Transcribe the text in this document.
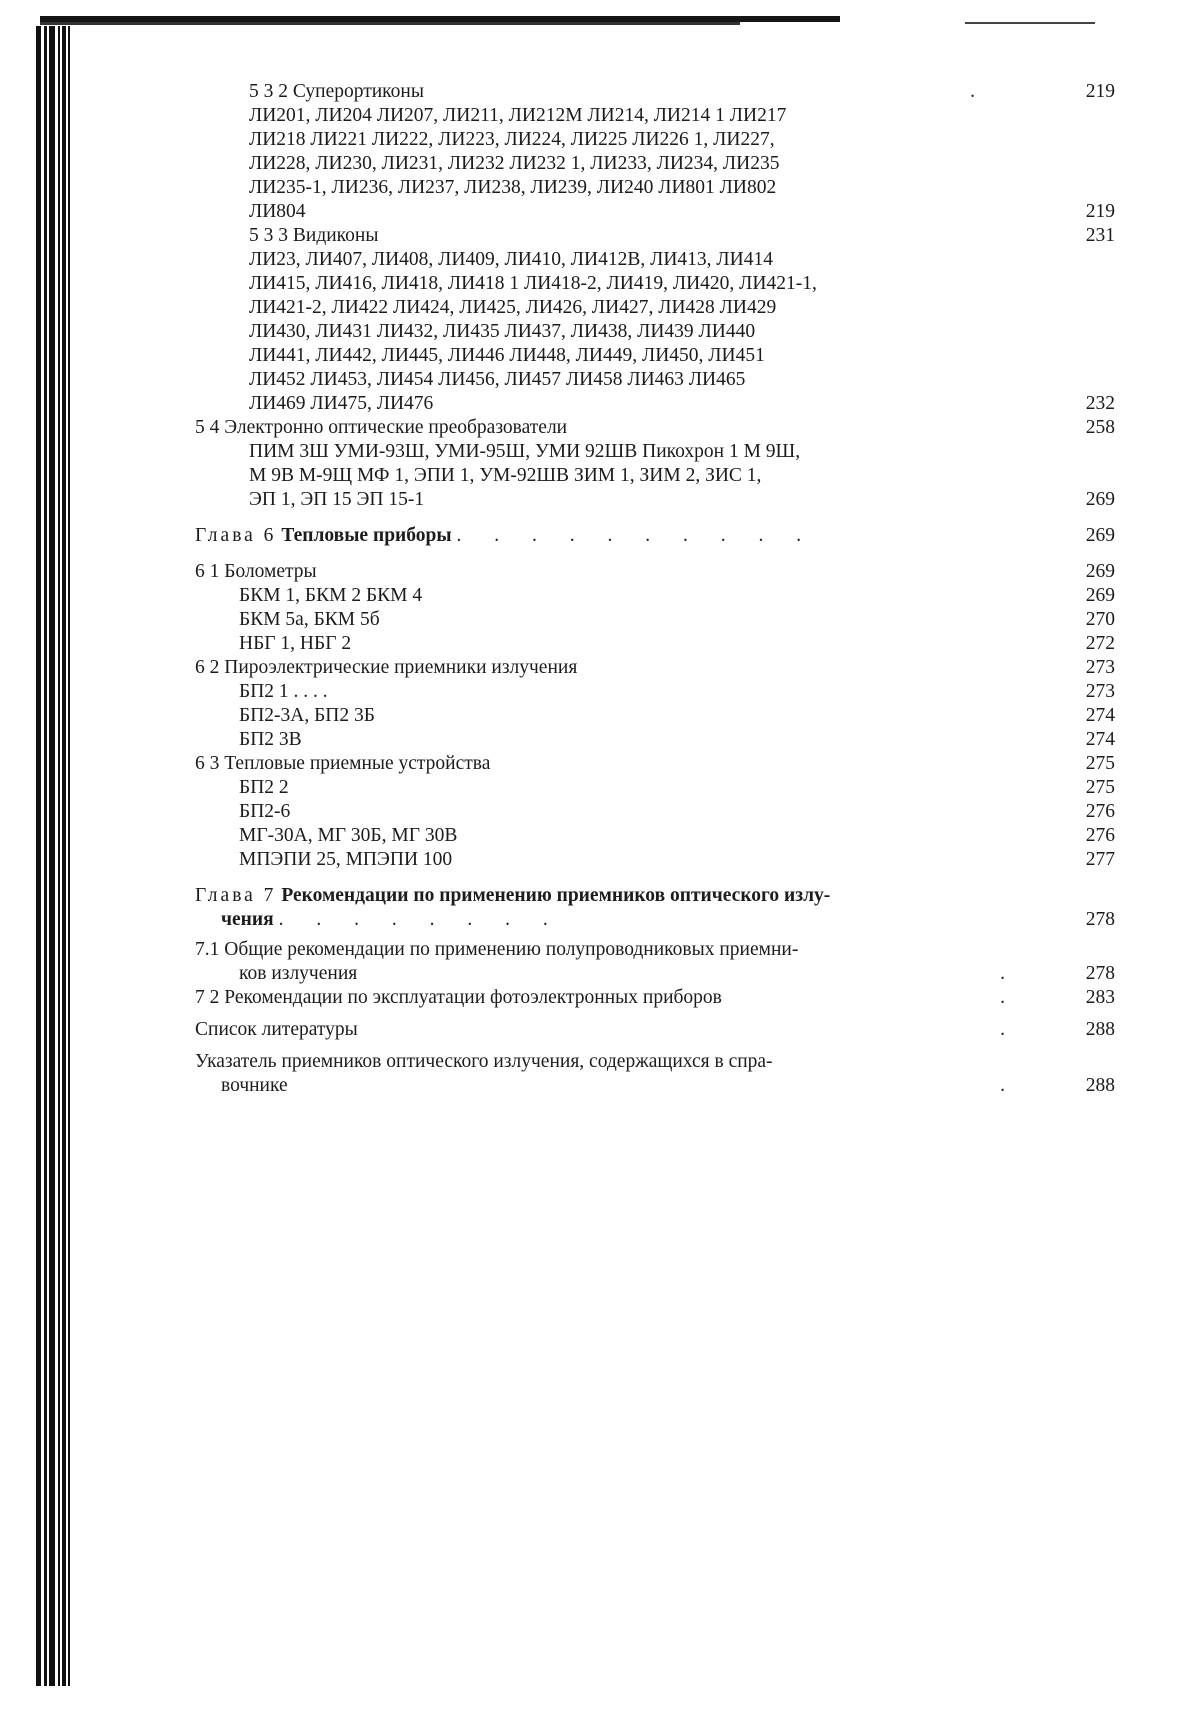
5 3 2 Суперортиконы	.	219
ЛИ201, ЛИ204 ЛИ207, ЛИ211, ЛИ212М ЛИ214, ЛИ214 1 ЛИ217
ЛИ218 ЛИ221 ЛИ222, ЛИ223, ЛИ224, ЛИ225 ЛИ226 1, ЛИ227,
ЛИ228, ЛИ230, ЛИ231, ЛИ232 ЛИ232 1, ЛИ233, ЛИ234, ЛИ235
ЛИ235-1, ЛИ236, ЛИ237, ЛИ238, ЛИ239, ЛИ240 ЛИ801 ЛИ802
ЛИ804	219
5 3 3 Видиконы	231
ЛИ23, ЛИ407, ЛИ408, ЛИ409, ЛИ410, ЛИ412В, ЛИ413, ЛИ414
ЛИ415, ЛИ416, ЛИ418, ЛИ418 1 ЛИ418-2, ЛИ419, ЛИ420, ЛИ421-1,
ЛИ421-2, ЛИ422 ЛИ424, ЛИ425, ЛИ426, ЛИ427, ЛИ428 ЛИ429
ЛИ430, ЛИ431 ЛИ432, ЛИ435 ЛИ437, ЛИ438, ЛИ439 ЛИ440
ЛИ441, ЛИ442, ЛИ445, ЛИ446 ЛИ448, ЛИ449, ЛИ450, ЛИ451
ЛИ452 ЛИ453, ЛИ454 ЛИ456, ЛИ457 ЛИ458 ЛИ463 ЛИ465
ЛИ469 ЛИ475, ЛИ476	232
5 4 Электронно оптические преобразователи	258
ПИМ 3Ш УМИ-93Ш, УМИ-95Ш, УМИ 92ШВ Пикохрон 1 М 9Ш,
М 9В М-9Щ МФ 1, ЭПИ 1, УМ-92ШВ ЗИМ 1, ЗИМ 2, ЗИС 1,
ЭП 1, ЭП 15 ЭП 15-1	269
Глава 6 Тепловые приборы . . . . . . . . . .	269
6 1 Болометры	269
БКМ 1, БКМ 2 БКМ 4	269
БКМ 5а, БКМ 5б	270
НБГ 1, НБГ 2	272
6 2 Пироэлектрические приемники излучения	273
БП2 1 . . . .	273
БП2-3А, БП2 3Б	274
БП2 3В	274
6 3 Тепловые приемные устройства	275
БП2 2	275
БП2-6	276
МГ-30А, МГ 30Б, МГ 30В	276
МПЭПИ 25, МПЭПИ 100	277
Глава 7 Рекомендации по применению приемников оптического излу-
чения . . . . . . . .	278
7.1 Общие рекомендации по применению полупроводниковых приемни-
ков излучения	.	278
7 2 Рекомендации по эксплуатации фотоэлектронных приборов	.	283
Список литературы	.	288
Указатель приемников оптического излучения, содержащихся в спра-
вочнике	.	288
